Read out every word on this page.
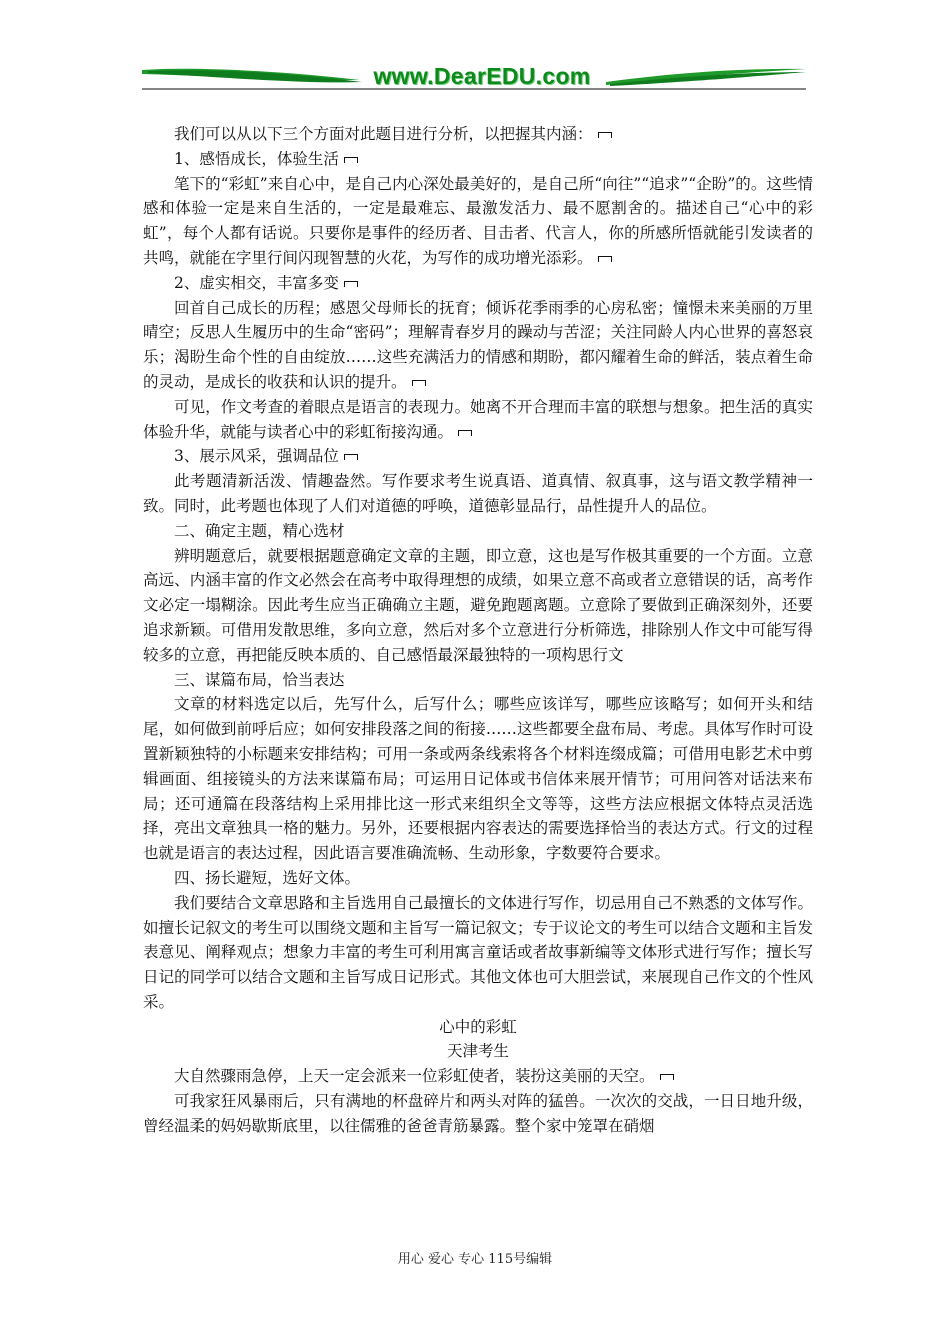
www.DearEDU.com

我们可以从以下三个方面对此题目进行分析，以把握其内涵：

1、感悟成长，体验生活

笔下的“彩虹”来自心中，是自己内心深处最美好的，是自己所“向往”“追求”“企盼”的。这些情感和体验一定是来自生活的，一定是最难忘、最激发活力、最不愿割舍的。描述自己“心中的彩虹”，每个人都有话说。只要你是事件的经历者、目击者、代言人，你的所感所悟就能引发读者的共鸣，就能在字里行间闪现智慧的火花，为写作的成功增光添彩。

2、虚实相交，丰富多变

回首自己成长的历程；感恩父母师长的抚育；倾诉花季雨季的心房私密；憧憬未来美丽的万里晴空；反思人生履历中的生命“密码”；理解青春岁月的躁动与苦涩；关注同龄人内心世界的喜怒哀乐；渴盼生命个性的自由绽放……这些充满活力的情感和期盼，都闪耀着生命的鲜活，装点着生命的灵动，是成长的收获和认识的提升。

可见，作文考查的着眼点是语言的表现力。她离不开合理而丰富的联想与想象。把生活的真实体验升华，就能与读者心中的彩虹衔接沟通。

3、展示风采，强调品位

此考题清新活泼、情趣盎然。写作要求考生说真语、道真情、叙真事，这与语文教学精神一致。同时，此考题也体现了人们对道德的呼唤，道德彰显品行，品性提升人的品位。

二、确定主题，精心选材

辨明题意后，就要根据题意确定文章的主题，即立意，这也是写作极其重要的一个方面。立意高远、内涵丰富的作文必然会在高考中取得理想的成绩，如果立意不高或者立意错误的话，高考作文必定一塌糊涂。因此考生应当正确确立主题，避免跑题离题。立意除了要做到正确深刻外，还要追求新颖。可借用发散思维，多向立意，然后对多个立意进行分析筛选，排除别人作文中可能写得较多的立意，再把能反映本质的、自己感悟最深最独特的一项构思行文

三、谋篇布局，恰当表达

文章的材料选定以后，先写什么，后写什么；哪些应该详写，哪些应该略写；如何开头和结尾，如何做到前呼后应；如何安排段落之间的衔接……这些都要全盘布局、考虑。具体写作时可设置新颖独特的小标题来安排结构；可用一条或两条线索将各个材料连缀成篇；可借用电影艺术中剪辑画面、组接镜头的方法来谋篇布局；可运用日记体或书信体来展开情节；可用问答对话法来布局；还可通篇在段落结构上采用排比这一形式来组织全文等等，这些方法应根据文体特点灵活选择，亮出文章独具一格的魅力。另外，还要根据内容表达的需要选择恰当的表达方式。行文的过程也就是语言的表达过程，因此语言要准确流畅、生动形象，字数要符合要求。

四、扬长避短，选好文体。

我们要结合文章思路和主旨选用自己最擅长的文体进行写作，切忌用自己不熟悉的文体写作。如擅长记叙文的考生可以围绕文题和主旨写一篇记叙文；专于议论文的考生可以结合文题和主旨发表意见、阐释观点；想象力丰富的考生可利用寓言童话或者故事新编等文体形式进行写作；擅长写日记的同学可以结合文题和主旨写成日记形式。其他文体也可大胆尝试，来展现自己作文的个性风采。

心中的彩虹

天津考生

大自然骤雨急停，上天一定会派来一位彩虹使者，装扮这美丽的天空。

可我家狂风暴雨后，只有满地的杯盘碎片和两头对阵的猛兽。一次次的交战，一日日地升级，曾经温柔的妈妈歇斯底里，以往儒雅的爸爸青筋暴露。整个家中笼罩在硝烟

用心 爱心 专心 115号编辑
